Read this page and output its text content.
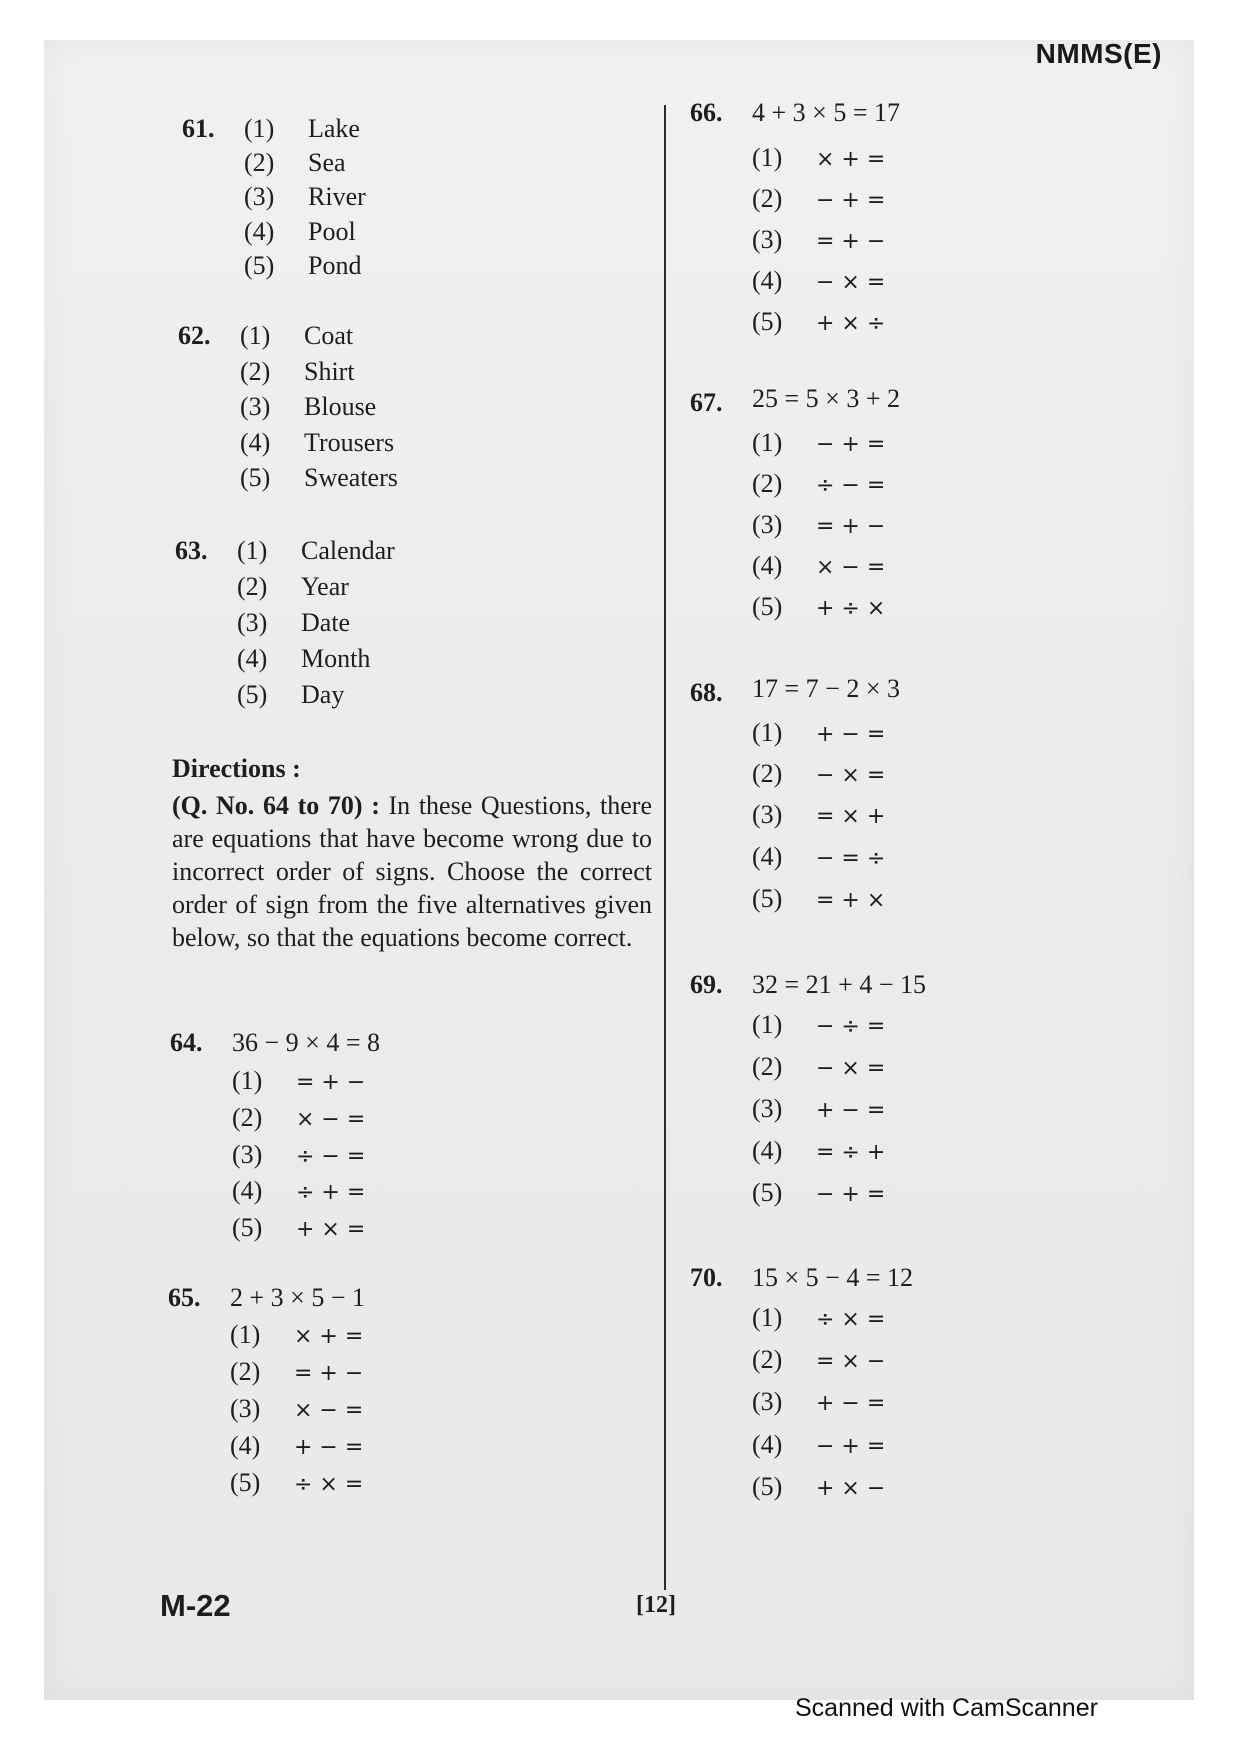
NMMS(E)
61. (1) Lake
(2) Sea
(3) River
(4) Pool
(5) Pond
62. (1) Coat
(2) Shirt
(3) Blouse
(4) Trousers
(5) Sweaters
63. (1) Calendar
(2) Year
(3) Date
(4) Month
(5) Day
Directions :
(Q. No. 64 to 70) : In these Questions, there are equations that have become wrong due to incorrect order of signs. Choose the correct order of sign from the five alternatives given below, so that the equations become correct.
64. 36 − 9 × 4 = 8
(1) = + −
(2) × − =
(3) ÷ − =
(4) ÷ + =
(5) + × =
65. 2 + 3 × 5 − 1
(1) × + =
(2) = + −
(3) × − =
(4) + − =
(5) ÷ × =
66. 4 + 3 × 5 = 17
(1) × + =
(2) − + =
(3) = + −
(4) − × =
(5) + × ÷
67. 25 = 5 × 3 + 2
(1) − + =
(2) ÷ − =
(3) = + −
(4) × − =
(5) + ÷ ×
68. 17 = 7 − 2 × 3
(1) + − =
(2) − × =
(3) = × +
(4) − = ÷
(5) = + ×
69. 32 = 21 + 4 − 15
(1) − ÷ =
(2) − × =
(3) + − =
(4) = ÷ +
(5) − + =
70. 15 × 5 − 4 = 12
(1) ÷ × =
(2) = × −
(3) + − =
(4) − + =
(5) + × −
M-22	[12]
Scanned with CamScanner
